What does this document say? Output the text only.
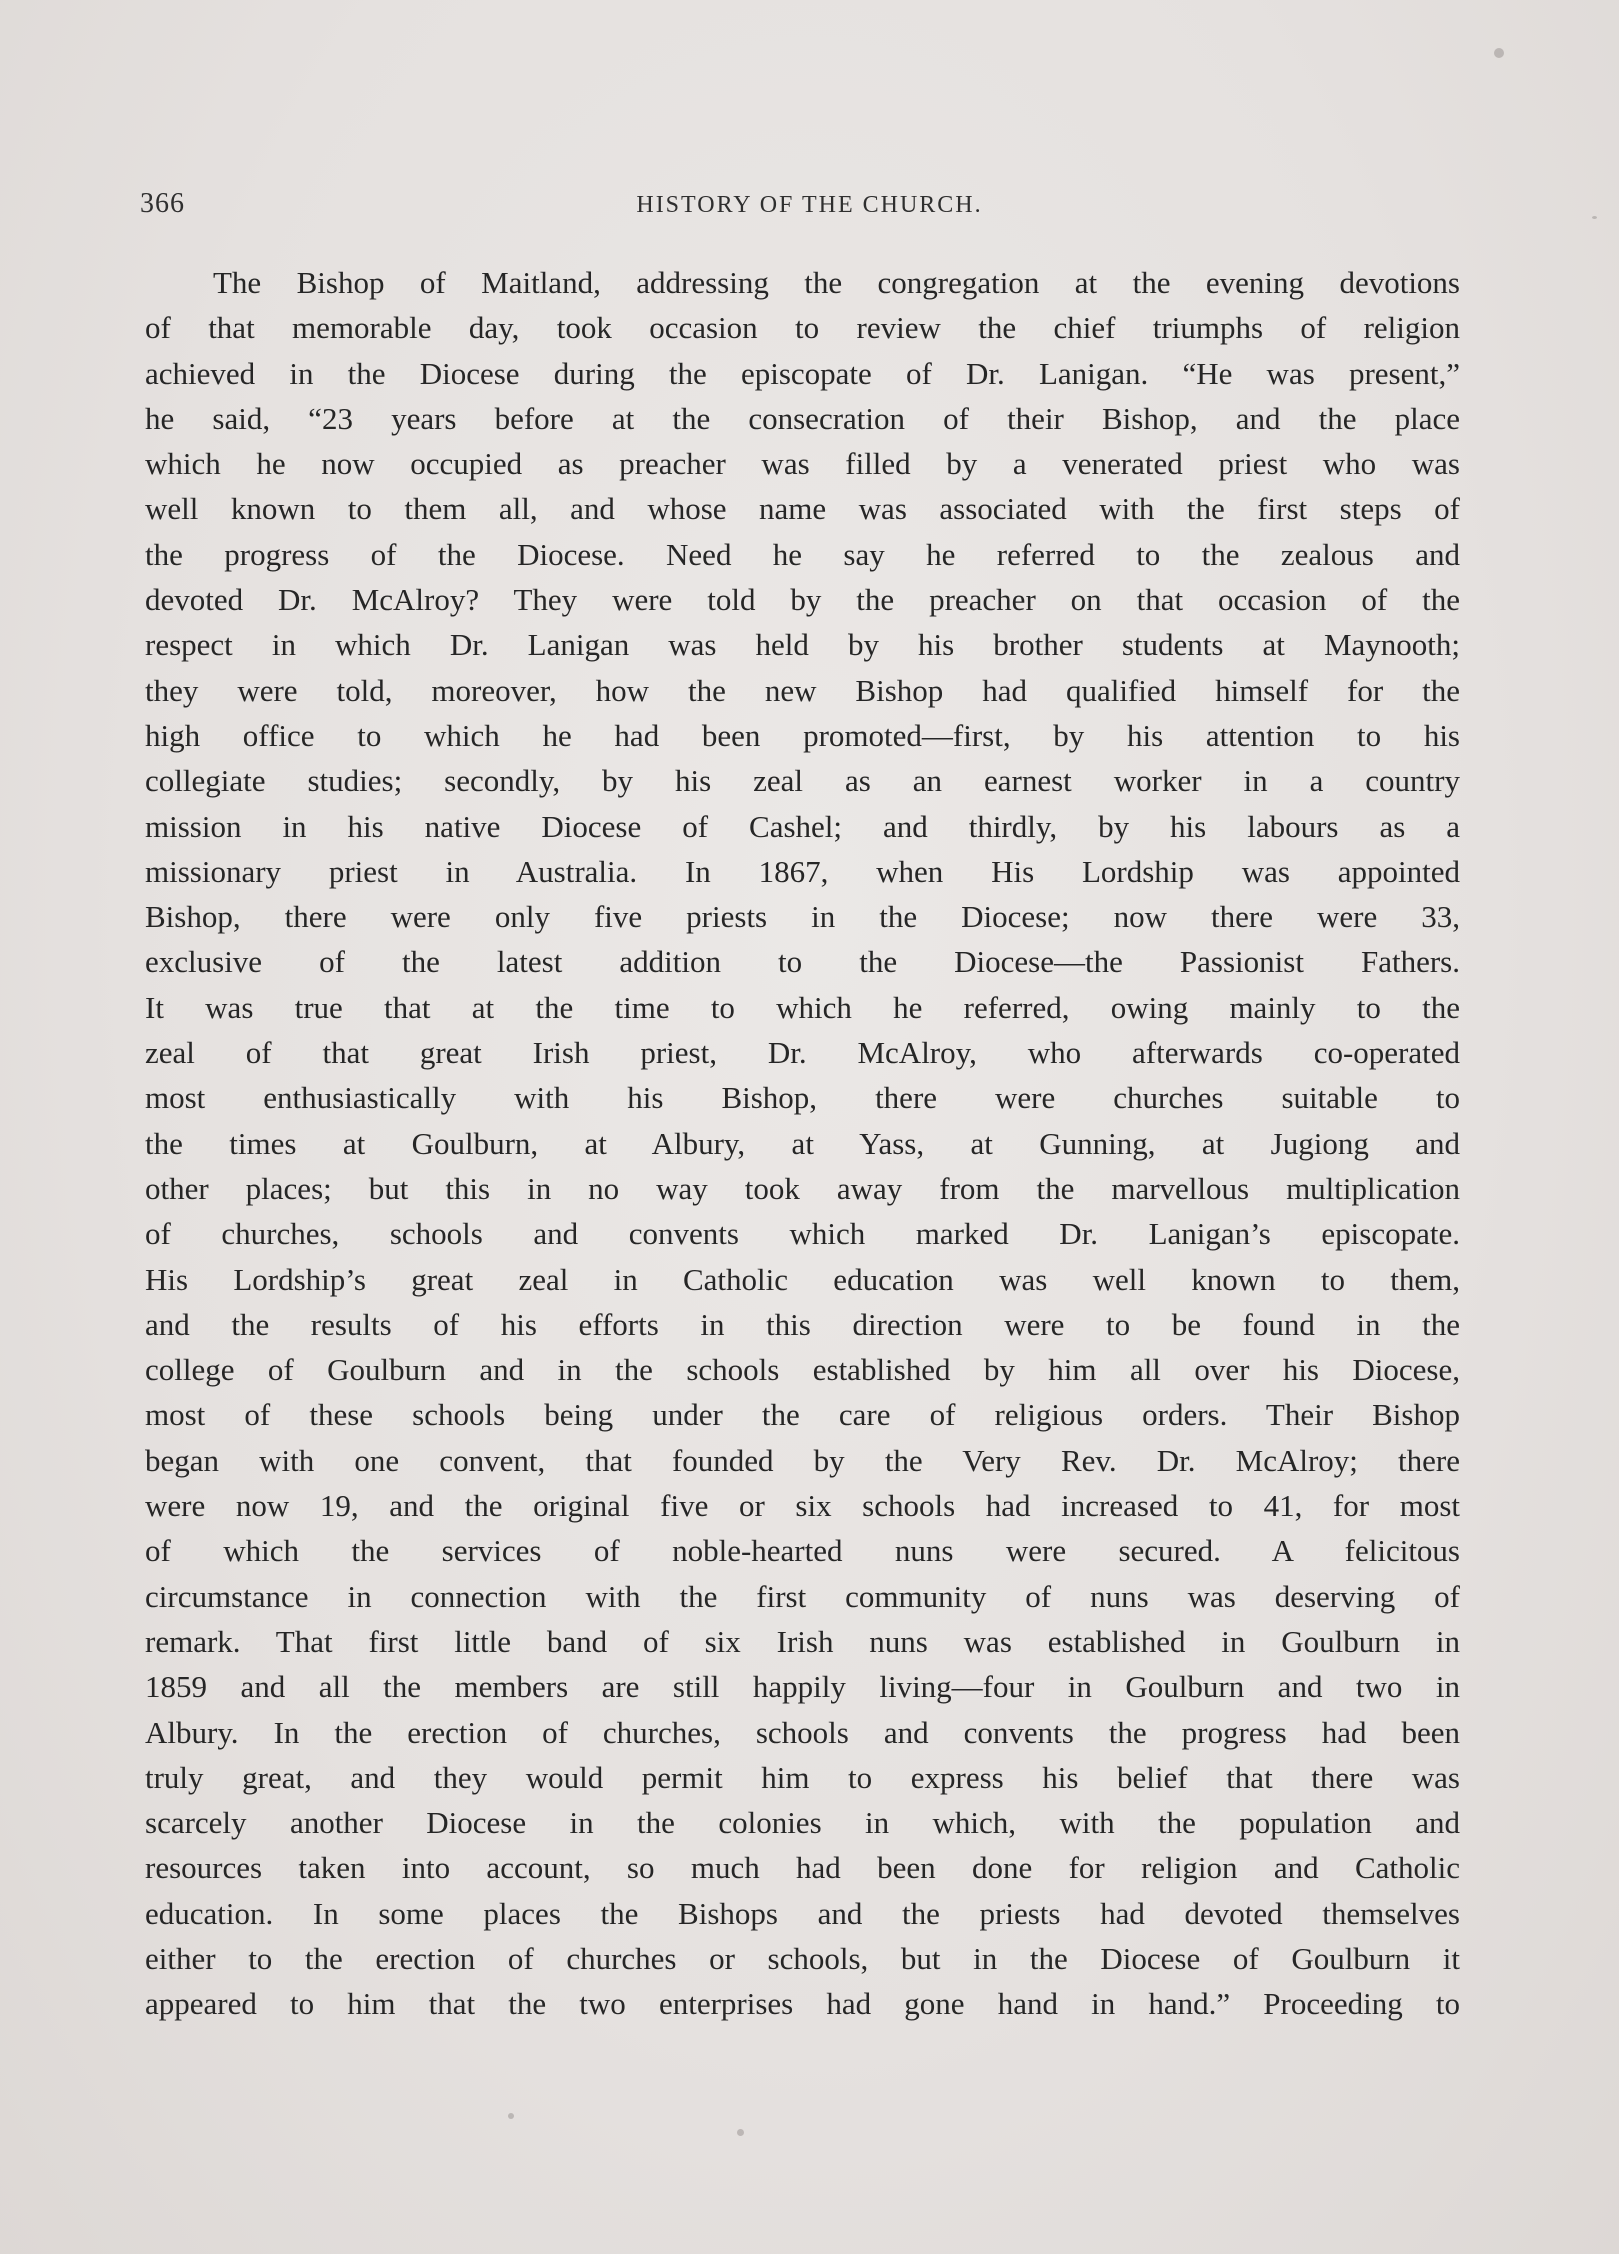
366	HISTORY OF THE CHURCH.
The Bishop of Maitland, addressing the congregation at the evening devotions
of that memorable day, took occasion to review the chief triumphs of religion
achieved in the Diocese during the episcopate of Dr. Lanigan. “He was present,”
he said, “23 years before at the consecration of their Bishop, and the place
which he now occupied as preacher was filled by a venerated priest who was
well known to them all, and whose name was associated with the first steps of
the progress of the Diocese. Need he say he referred to the zealous and
devoted Dr. McAlroy? They were told by the preacher on that occasion of the
respect in which Dr. Lanigan was held by his brother students at Maynooth;
they were told, moreover, how the new Bishop had qualified himself for the
high office to which he had been promoted—first, by his attention to his
collegiate studies; secondly, by his zeal as an earnest worker in a country
mission in his native Diocese of Cashel; and thirdly, by his labours as a
missionary priest in Australia. In 1867, when His Lordship was appointed
Bishop, there were only five priests in the Diocese; now there were 33,
exclusive of the latest addition to the Diocese—the Passionist Fathers.
It was true that at the time to which he referred, owing mainly to the
zeal of that great Irish priest, Dr. McAlroy, who afterwards co-operated
most enthusiastically with his Bishop, there were churches suitable to
the times at Goulburn, at Albury, at Yass, at Gunning, at Jugiong and
other places; but this in no way took away from the marvellous multiplication
of churches, schools and convents which marked Dr. Lanigan’s episcopate.
His Lordship’s great zeal in Catholic education was well known to them,
and the results of his efforts in this direction were to be found in the
college of Goulburn and in the schools established by him all over his Diocese,
most of these schools being under the care of religious orders. Their Bishop
began with one convent, that founded by the Very Rev. Dr. McAlroy; there
were now 19, and the original five or six schools had increased to 41, for most
of which the services of noble-hearted nuns were secured. A felicitous
circumstance in connection with the first community of nuns was deserving of
remark. That first little band of six Irish nuns was established in Goulburn in
1859 and all the members are still happily living—four in Goulburn and two in
Albury. In the erection of churches, schools and convents the progress had been
truly great, and they would permit him to express his belief that there was
scarcely another Diocese in the colonies in which, with the population and
resources taken into account, so much had been done for religion and Catholic
education. In some places the Bishops and the priests had devoted themselves
either to the erection of churches or schools, but in the Diocese of Goulburn it
appeared to him that the two enterprises had gone hand in hand.” Proceeding to
